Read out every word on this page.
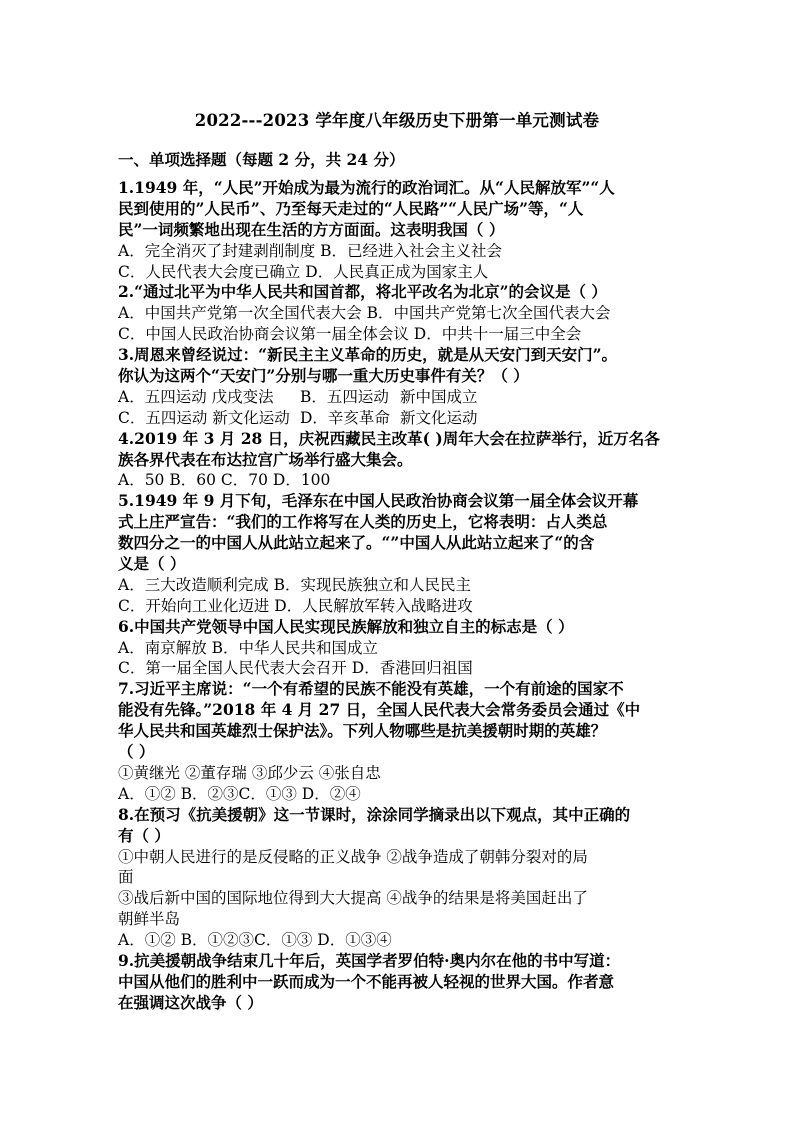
2022---2023 学年度八年级历史下册第一单元测试卷
一、单项选择题（每题 2 分，共 24 分）
1.1949 年，“人民”开始成为最为流行的政治词汇。从“人民解放军”“人
民到使用的”人民币”、乃至每天走过的“人民路”“人民广场”等，“人
民”一词频繁地出现在生活的方方面面。这表明我国（ ）
A．完全消灭了封建剥削制度 B．已经进入社会主义社会
C．人民代表大会度已确立 D．人民真正成为国家主人
2.“通过北平为中华人民共和国首都，将北平改名为北京”的会议是（ ）
A．中国共产党第一次全国代表大会 B．中国共产党第七次全国代表大会
C．中国人民政治协商会议第一届全体会议 D．中共十一届三中全会
3.周恩来曾经说过：“新民主主义革命的历史，就是从天安门到天安门”。
你认为这两个“天安门”分别与哪一重大历史事件有关？（ ）
A．五四运动 戊戌变法 B．五四运动 新中国成立
C．五四运动 新文化运动 D．辛亥革命 新文化运动
4.2019 年 3 月 28 日，庆祝西藏民主改革( )周年大会在拉萨举行，近万名各
族各界代表在布达拉宫广场举行盛大集会。
A．50 B．60 C．70 D．100
5.1949 年 9 月下旬，毛泽东在中国人民政治协商会议第一届全体会议开幕
式上庄严宣告：“我们的工作将写在人类的历史上，它将表明：占人类总
数四分之一的中国人从此站立起来了。“”中国人从此站立起来了“的含
义是（ ）
A．三大改造顺利完成 B．实现民族独立和人民民主
C．开始向工业化迈进 D．人民解放军转入战略进攻
6.中国共产党领导中国人民实现民族解放和独立自主的标志是（ ）
A．南京解放 B．中华人民共和国成立
C．第一届全国人民代表大会召开 D．香港回归祖国
7.习近平主席说：“一个有希望的民族不能没有英雄，一个有前途的国家不
能没有先锋。”2018 年 4 月 27 日，全国人民代表大会常务委员会通过《中
华人民共和国英雄烈士保护法》。下列人物哪些是抗美援朝时期的英雄？
（ ）
①黄继光 ②董存瑞 ③邱少云 ④张自忠
A．①② B．②③C．①③ D．②④
8.在预习《抗美援朝》这一节课时，涂涂同学摘录出以下观点，其中正确的
有（ ）
①中朝人民进行的是反侵略的正义战争 ②战争造成了朝韩分裂对的局
面
③战后新中国的国际地位得到大大提高 ④战争的结果是将美国赶出了
朝鲜半岛
A．①② B．①②③C．①③ D．①③④
9.抗美援朝战争结束几十年后，英国学者罗伯特·奥内尔在他的书中写道：
中国从他们的胜利中一跃而成为一个不能再被人轻视的世界大国。作者意
在强调这次战争（ ）
